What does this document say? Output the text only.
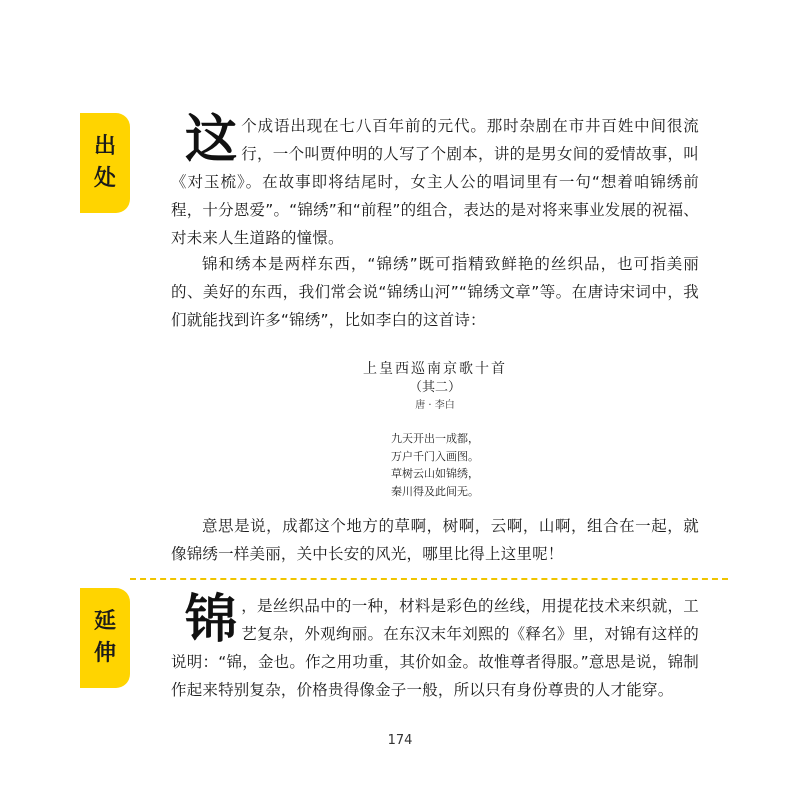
出
处
这 个成语出现在七八百年前的元代。那时杂剧在市井百姓中间很流行，一个叫贾仲明的人写了个剧本，讲的是男女间的爱情故事，叫《对玉梳》。在故事即将结尾时，女主人公的唱词里有一句“想着咱锦绣前程，十分恩爱”。“锦绣”和“前程”的组合，表达的是对将来事业发展的祝福、对未来人生道路的憧憬。
锦和绣本是两样东西，“锦绣”既可指精致鲜艳的丝织品，也可指美丽的、美好的东西，我们常会说“锦绣山河”“锦绣文章”等。在唐诗宋词中，我们就能找到许多“锦绣”，比如李白的这首诗：
上皇西巡南京歌十首
（其二）
唐 · 李白
九天开出一成都，
万户千门入画图。
草树云山如锦绣，
秦川得及此间无。
意思是说，成都这个地方的草啊，树啊，云啊，山啊，组合在一起，就像锦绣一样美丽，关中长安的风光，哪里比得上这里呢！
延
伸
锦 ，是丝织品中的一种，材料是彩色的丝线，用提花技术来织就，工艺复杂，外观绚丽。在东汉末年刘熙的《释名》里，对锦有这样的说明：“锦，金也。作之用功重，其价如金。故惟尊者得服。”意思是说，锦制作起来特别复杂，价格贵得像金子一般，所以只有身份尊贵的人才能穿。
174
